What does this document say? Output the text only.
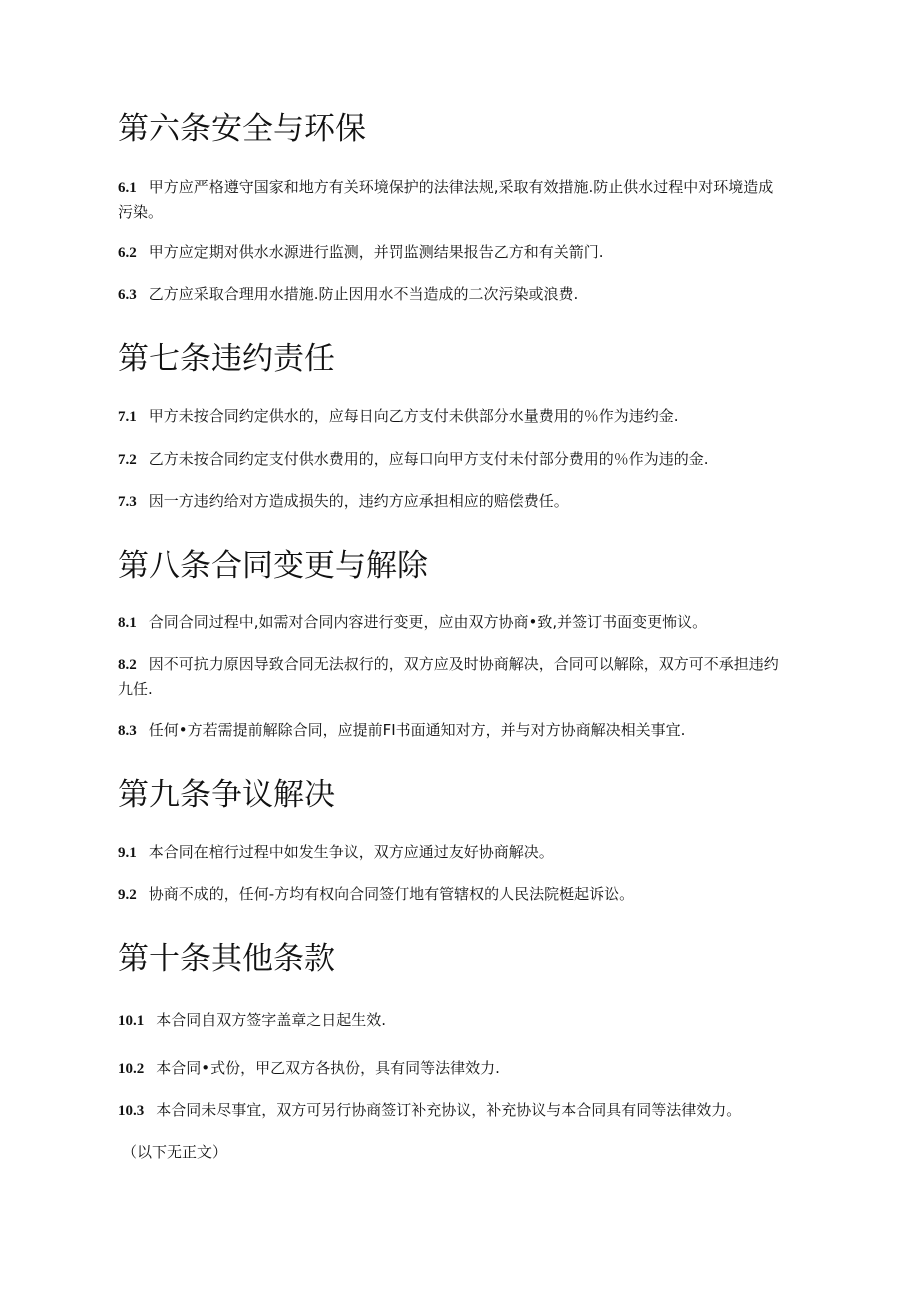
第六条安全与环保

6.1 甲方应严格遵守国家和地方有关环境保护的法律法规,采取有效措施.防止供水过程中对环境造成污染。

6.2 甲方应定期对供水水源进行监测，并罚监测结果报告乙方和有关箭门.

6.3 乙方应采取合理用水措施.防止因用水不当造成的二次污染或浪费.

第七条违约责任

7.1 甲方未按合同约定供水的，应每日向乙方支付未供部分水量费用的％作为违约金.

7.2 乙方未按合同约定支付供水费用的，应每口向甲方支付未付部分费用的％作为违的金.

7.3 因一方违约给对方造成损失的，违约方应承担相应的赔偿费任。

第八条合同变更与解除

8.1 合同合同过程中,如需对合同内容进行变更，应由双方协商•致,并签订书面变更怖议。

8.2 因不可抗力原因导致合同无法叔行的，双方应及时协商解决，合同可以解除，双方可不承担违约九任.

8.3 任何•方若需提前解除合同，应提前FI书面通知对方，并与对方协商解决相关事宜.

第九条争议解决

9.1 本合同在棺行过程中如发生争议，双方应通过友好协商解决。

9.2 协商不成的，任何-方均有权向合同签仃地有管辖权的人民法院梃起诉讼。

第十条其他条款

10.1 本合同自双方签字盖章之日起生效.

10.2 本合同•式份，甲乙双方各执份，具有同等法律效力.

10.3 本合同未尽事宜，双方可另行协商签订补充协议，补充协议与本合同具有同等法律效力。

（以下无正文）
